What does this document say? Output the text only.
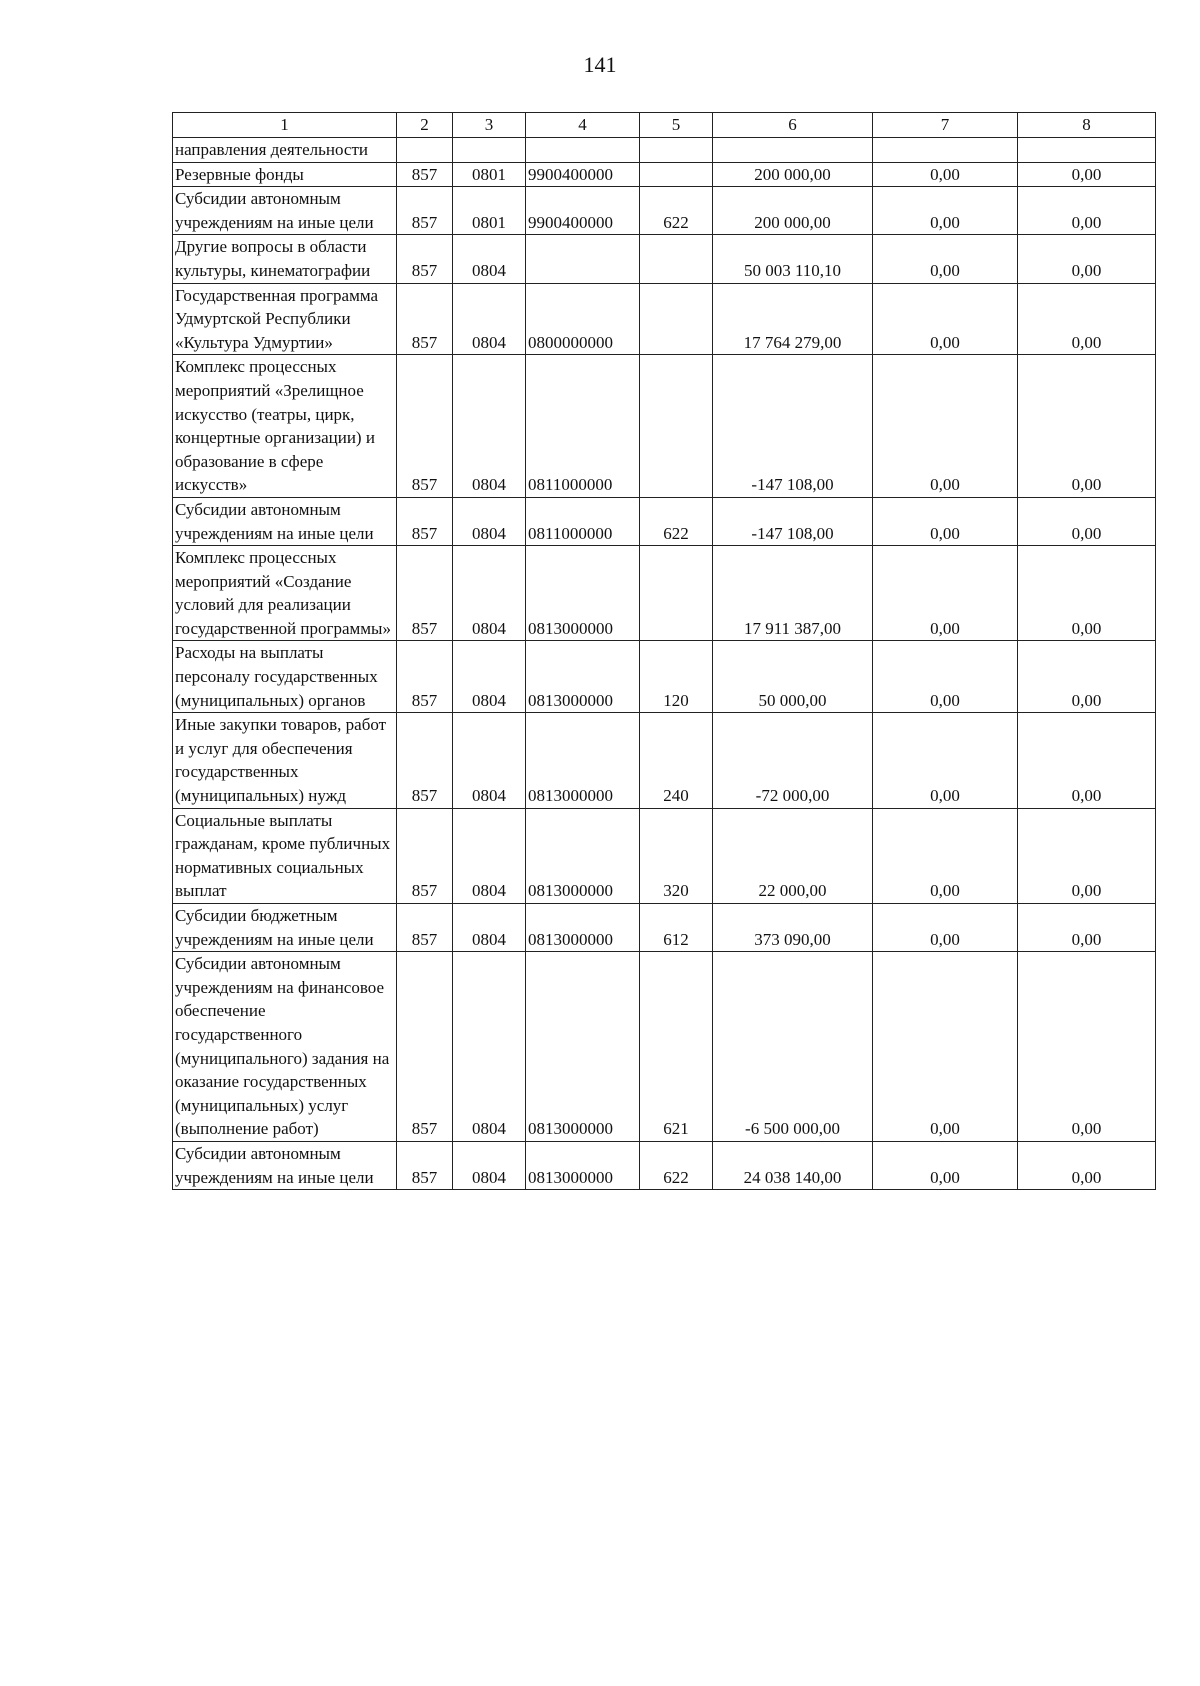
141
1	2	3	4	5	6	7	8

направления деятельности							

Резервные фонды	857	0801	9900400000		200 000,00	0,00	0,00

Субсидии автономным учреждениям на иные цели	857	0801	9900400000	622	200 000,00	0,00	0,00

Другие вопросы в области культуры, кинематографии	857	0804			50 003 110,10	0,00	0,00

Государственная программа Удмуртской Республики «Культура Удмуртии»	857	0804	0800000000		17 764 279,00	0,00	0,00

Комплекс процессных мероприятий «Зрелищное искусство (театры, цирк, концертные организации) и образование в сфере искусств»	857	0804	0811000000		-147 108,00	0,00	0,00

Субсидии автономным учреждениям на иные цели	857	0804	0811000000	622	-147 108,00	0,00	0,00

Комплекс процессных мероприятий «Создание условий для реализации государственной программы»	857	0804	0813000000		17 911 387,00	0,00	0,00

Расходы на выплаты персоналу государственных (муниципальных) органов	857	0804	0813000000	120	50 000,00	0,00	0,00

Иные закупки товаров, работ и услуг для обеспечения государственных (муниципальных) нужд	857	0804	0813000000	240	-72 000,00	0,00	0,00

Социальные выплаты гражданам, кроме публичных нормативных социальных выплат	857	0804	0813000000	320	22 000,00	0,00	0,00

Субсидии бюджетным учреждениям на иные цели	857	0804	0813000000	612	373 090,00	0,00	0,00

Субсидии автономным учреждениям на финансовое обеспечение государственного (муниципального) задания на оказание государственных (муниципальных) услуг (выполнение работ)	857	0804	0813000000	621	-6 500 000,00	0,00	0,00

Субсидии автономным учреждениям на иные цели	857	0804	0813000000	622	24 038 140,00	0,00	0,00
